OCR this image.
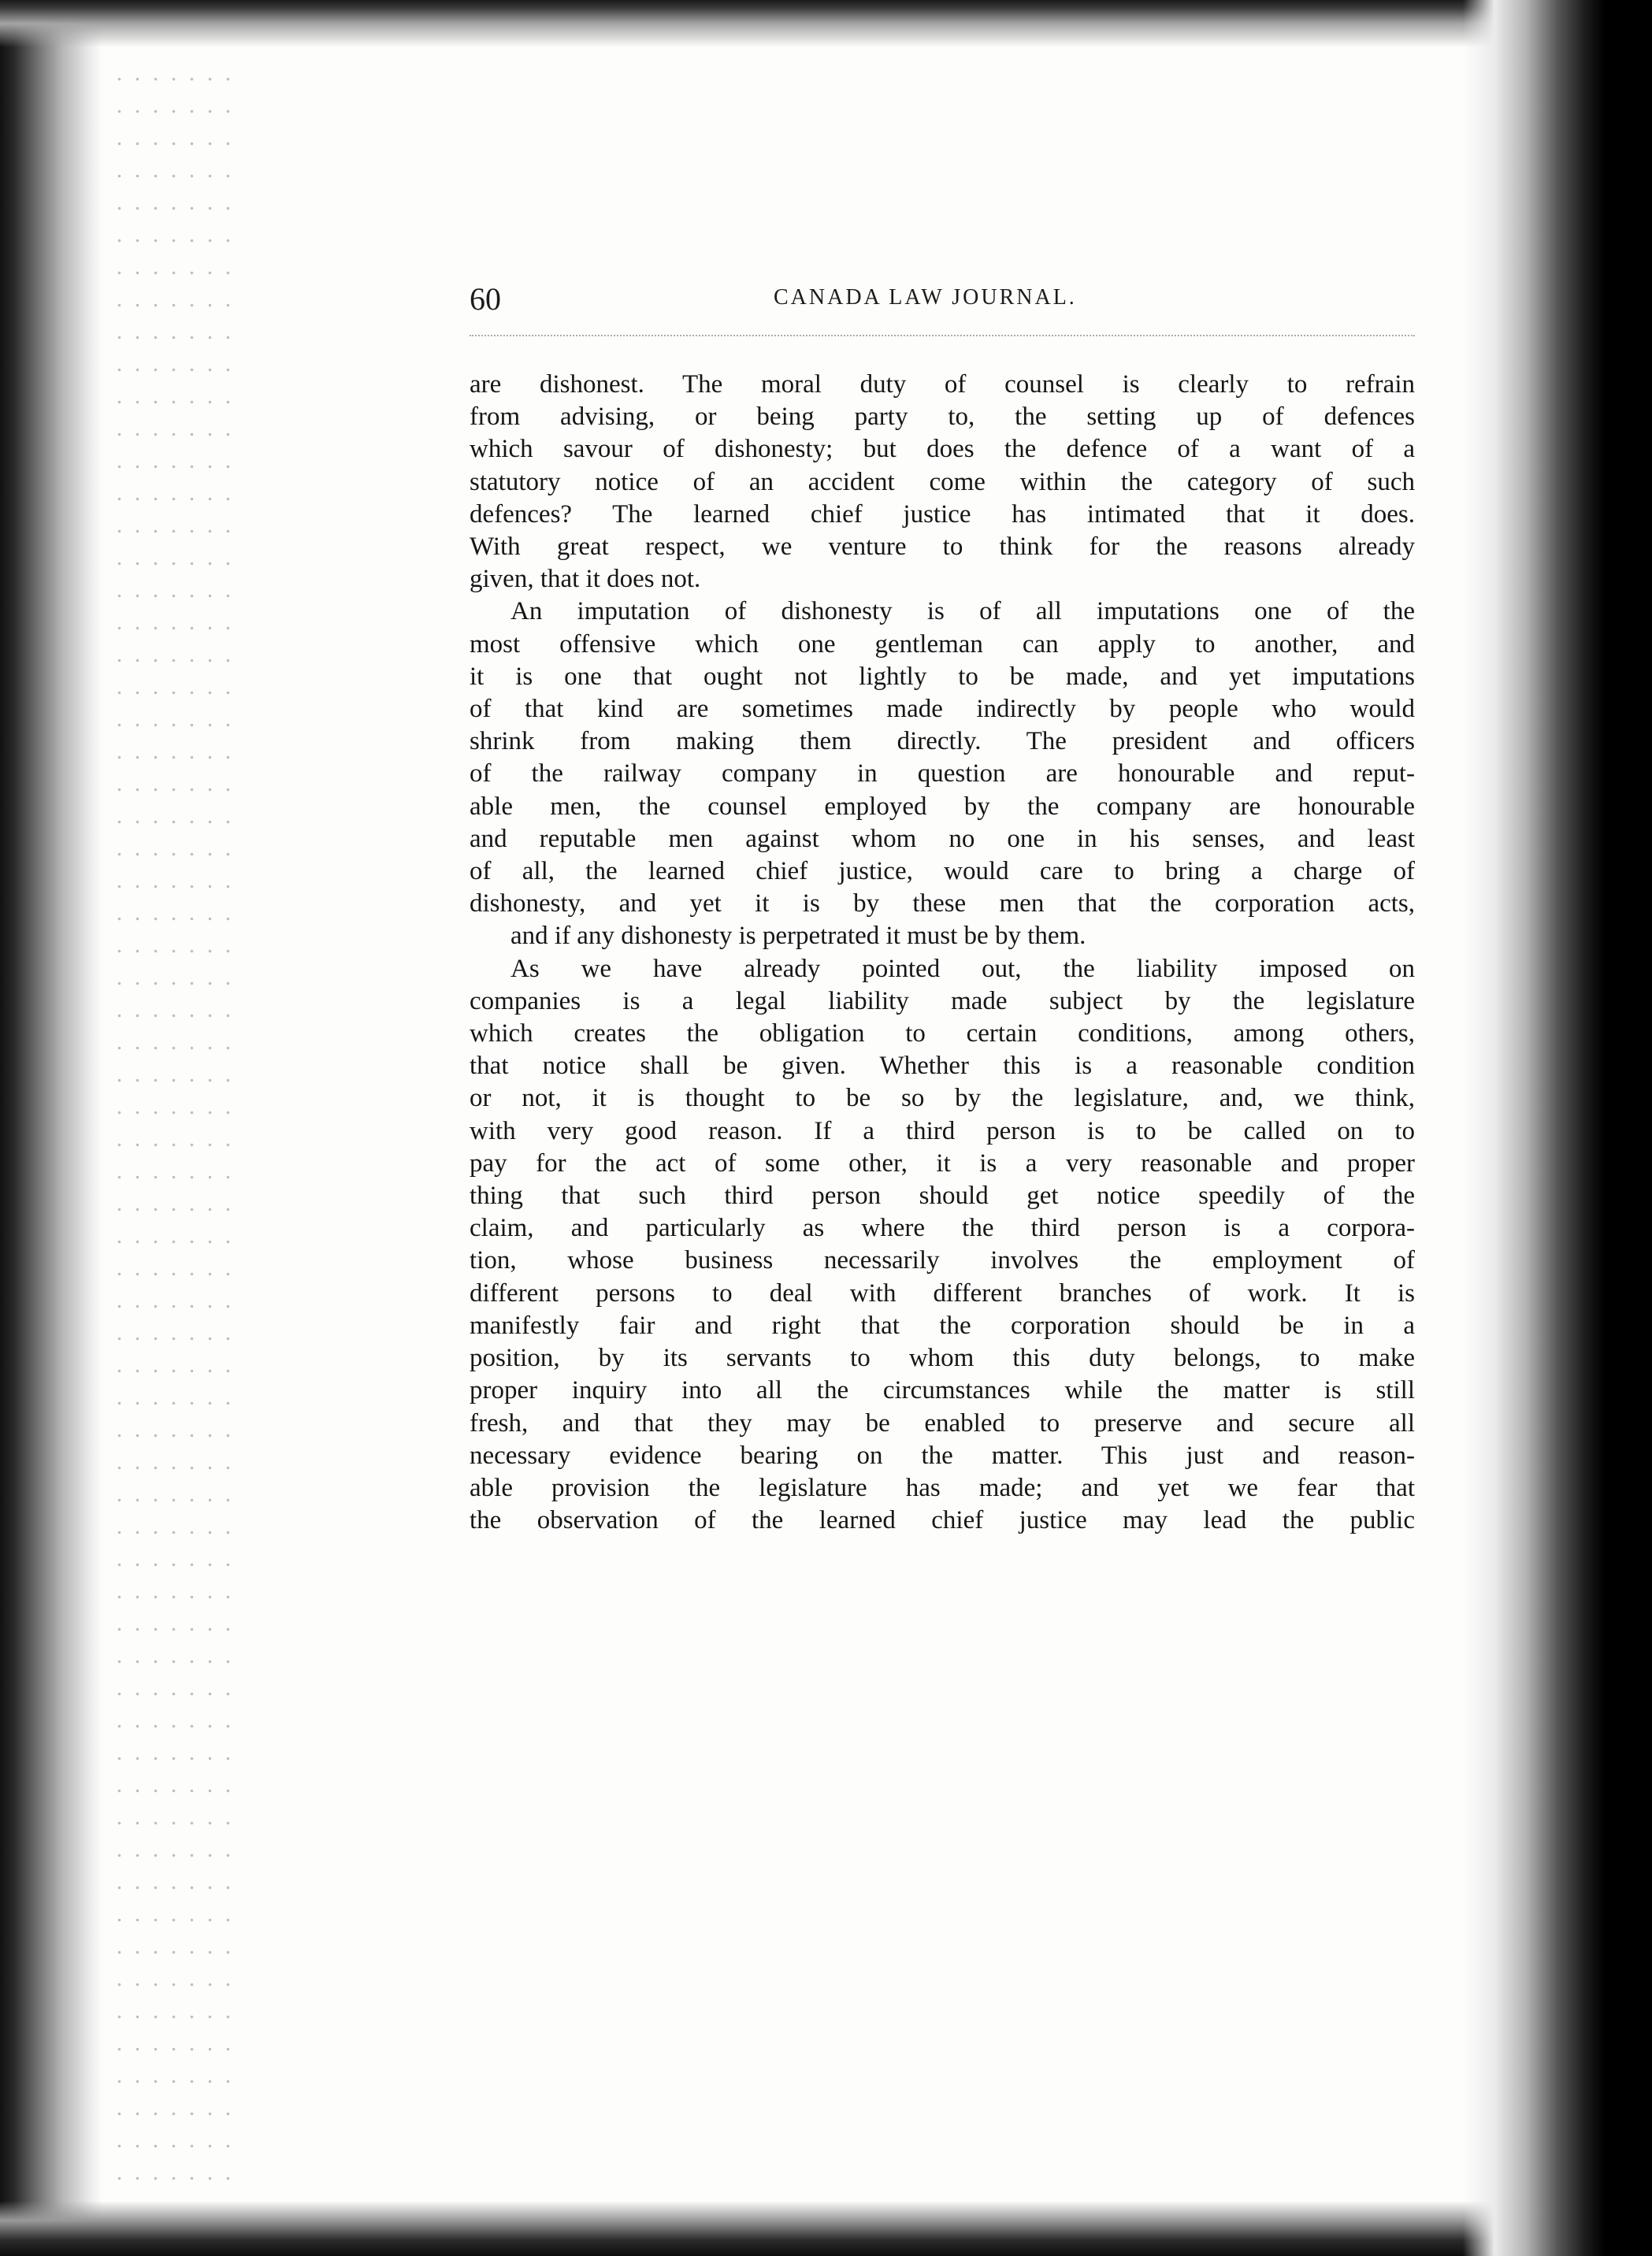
60	CANADA LAW JOURNAL.

are dishonest. The moral duty of counsel is clearly to refrain
from advising, or being party to, the setting up of defences
which savour of dishonesty; but does the defence of a want of a
statutory notice of an accident come within the category of such
defences? The learned chief justice has intimated that it does.
With great respect, we venture to think for the reasons already
given, that it does not.

An imputation of dishonesty is of all imputations one of the
most offensive which one gentleman can apply to another, and
it is one that ought not lightly to be made, and yet imputations
of that kind are sometimes made indirectly by people who would
shrink from making them directly. The president and officers
of the railway company in question are honourable and reput-
able men, the counsel employed by the company are honourable
and reputable men against whom no one in his senses, and least
of all, the learned chief justice, would care to bring a charge of
dishonesty, and yet it is by these men that the corporation acts,
and if any dishonesty is perpetrated it must be by them.

As we have already pointed out, the liability imposed on
companies is a legal liability made subject by the legislature
which creates the obligation to certain conditions, among others,
that notice shall be given. Whether this is a reasonable condition
or not, it is thought to be so by the legislature, and, we think,
with very good reason. If a third person is to be called on to
pay for the act of some other, it is a very reasonable and proper
thing that such third person should get notice speedily of the
claim, and particularly as where the third person is a corpora-
tion, whose business necessarily involves the employment of
different persons to deal with different branches of work. It is
manifestly fair and right that the corporation should be in a
position, by its servants to whom this duty belongs, to make
proper inquiry into all the circumstances while the matter is still
fresh, and that they may be enabled to preserve and secure all
necessary evidence bearing on the matter. This just and reason-
able provision the legislature has made; and yet we fear that
the observation of the learned chief justice may lead the public
